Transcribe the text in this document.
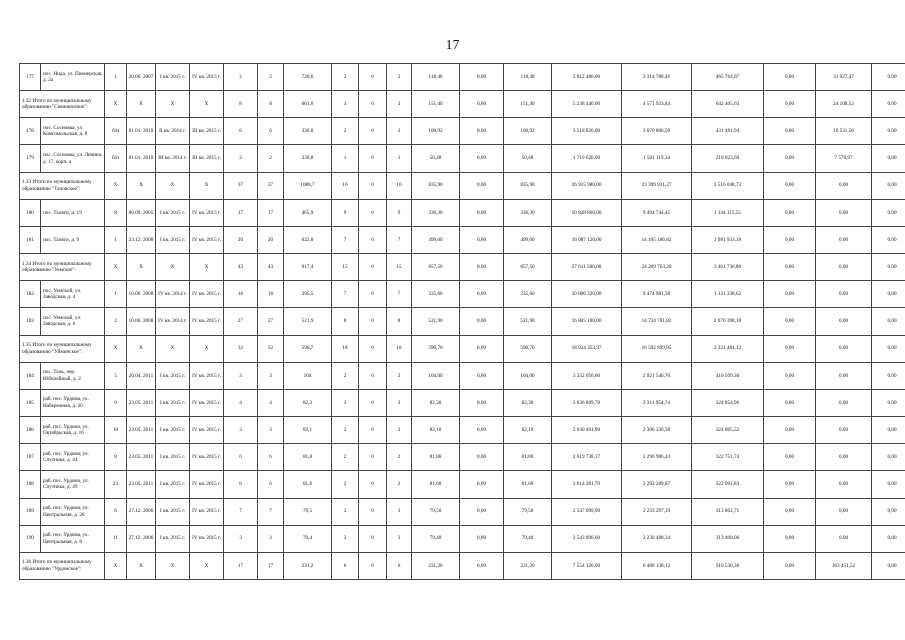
17
177	пос. Нида, ул. Пионерская, д. 2а	1	20.06. 2007	I кв. 2015 г.	IV кв. 2015 г.	2	2	720,6	2	0	2	118,40	0,00	118,40	3 812 480,00	3 314 788,46	465 764,07	0,00	31 927,47	0,00
1.32 Итого по муниципальному образованию "Снежнинское":		X	X	X	X	8	8	661,6	3	0	3	151,40	0,00	151,40	5 238 440,00	4 571 923,84	642 405,63	0,00	24 108,53	0,00
178	пос. Сосновка, ул. Комсомольская, д. 8	б/н	01.01. 2010	II кв. 2014 г.	III кв. 2015 г.	6	6	330,8	2	0	2	100,92	0,00	100,92	3 518 820,00	3 070 806,50	431 481,94	0,00	16 531,56	0,00
179	пос. Сосновка, ул. Ленина, д. 17, корп. а	б/н	01.01. 2010	III кв. 2014 г.	III кв. 2015 г.	2	2	330,8	1	0	1	50,48	0,00	50,48	1 719 620,00	1 501 119,34	210 923,69	0,00	7 576,97	0,00
1.33 Итого по муниципальному образованию "Таловское":		X	X	X	X	37	37	1088,7	16	0	16	835,90	0,00	835,90	26 915 980,00	23 399 931,27	3 516 048,73	0,00	0,00	0,00
180	пос. Таляги, д. 19	8	06.09. 2005	I кв. 2015 г.	IV кв. 2015 г.	17	17	465,9	9	0	9	336,30	0,00	336,30	10 828 860,00	9 494 744,45	1 334 115,55	0,00	0,00	0,00
181	пос. Таляги, д. 9	1	23.12. 2008	I кв. 2015 г.	IV кв. 2015 г.	20	20	622,8	7	0	7	499,60	0,00	499,60	16 087 120,00	14 105 186,82	1 981 933,18	0,00	0,00	0,00
1.34 Итого по муниципальному образованию "Уемское":		X	X	X	X	43	43	917,4	15	0	15	857,50	0,00	857,50	27 611 500,00	24 209 763,20	3 401 736,80	0,00	0,00	0,00
182	пос. Уемский, ул. Заводская, д. 4	1	10.06. 2008	IV кв. 2014 г.	IV кв. 2015 г.	16	16	395,5	7	0	7	335,60	0,00	335,60	10 806 320,00	9 474 981,38	1 331 338,62	0,00	0,00	0,00
183	пос. Уемский, ул. Заводская, д. 6	2	10.06. 2008	IV кв. 2014 г.	IV кв. 2015 г.	27	27	521,9	8	0	8	521,90	0,00	521,90	16 805 180,00	14 734 781,82	2 070 398,18	0,00	0,00	0,00
1.35 Итого по муниципальному образованию "Уйминское":		X	X	X	X	32	32	590,7	18	0	18	590,70	0,00	590,70	18 924 353,97	16 592 899,85	2 331 484,12	0,00	0,00	0,00
184	пос. Таль, пер. Юбилейный, д. 2	5	20.04. 2011	I кв. 2015 г.	IV кв. 2015 г.	3	3	104	2	0	2	104,00	0,00	104,00	3 332 056,00	2 921 546,70	410 509,30	0,00	0,00	0,00
185	раб. пос. Урдома, ул. Набережная, д. 26	9	23.05. 2011	I кв. 2015 г.	IV кв. 2015 г.	4	4	82,3	3	0	3	82,30	0,00	82,30	2 636 809,70	2 311 954,74	324 854,96	0,00	0,00	0,00
186	раб. пос. Урдома, ул. Октябрьская, д. 16	10	23.05. 2011	I кв. 2015 г.	IV кв. 2015 г.	3	3	82,1	3	0	3	82,10	0,00	82,10	2 630 401,90	2 306 336,38	324 065,52	0,00	0,00	0,00
187	раб. пос. Урдома, ул. Спутника, д. 44	8	23.05. 2011	I кв. 2015 г.	IV кв. 2015 г.	6	6	81,8	2	0	2	81,80	0,00	81,80	2 619 738,17	2 296 986,43	322 751,74	0,00	0,00	0,00
188	раб. пос. Урдома, ул. Спутника, д. 49	23	23.05. 2011	I кв. 2015 г.	IV кв. 2015 г.	6	6	81,6	2	0	2	81,60	0,00	81,60	2 614 381,70	2 292 289,87	322 091,83	0,00	0,00	0,00
189	раб. пос. Урдома, ул. Центральная, д. 26	6	27.12. 2006	I кв. 2015 г.	IV кв. 2015 г.	7	7	79,5	3	0	3	79,50	0,00	79,50	2 547 099,90	2 233 297,19	313 802,71	0,00	0,00	0,00
190	раб. пос. Урдома, ул. Центральная, д. 8	11	27.12. 2006	I кв. 2015 г.	IV кв. 2015 г.	3	3	79,4	3	0	3	79,40	0,00	79,40	2 543 896,60	2 230 488,34	313 408,06	0,00	0,00	0,00
1.36 Итого по муниципальному образованию "Урдомское":		X	X	X	X	17	17	231,2	6	0	6	231,20	0,00	231,20	7 554 120,00	6 480 138,12	910 530,36	0,00	163 451,52	0,00
